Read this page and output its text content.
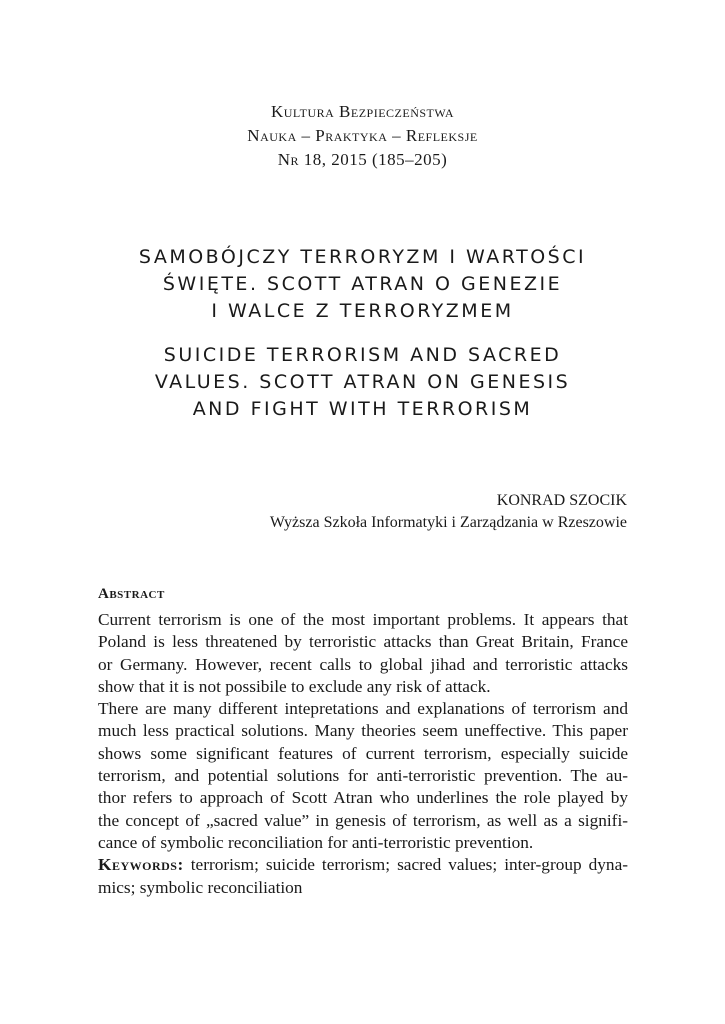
Kultura Bezpieczeństwa
Nauka – Praktyka – Refleksje
Nr 18, 2015 (185–205)
SAMOBÓJCZY TERRORYZM I WARTOŚCI
ŚWIĘTE. SCOTT ATRAN O GENEZIE
I WALCE Z TERRORYZMEM
SUICIDE TERRORISM AND SACRED
VALUES. SCOTT ATRAN ON GENESIS
AND FIGHT WITH TERRORISM
KONRAD SZOCIK
Wyższa Szkoła Informatyki i Zarządzania w Rzeszowie
Abstract
Current terrorism is one of the most important problems. It appears that
Poland is less threatened by terroristic attacks than Great Britain, France
or Germany. However, recent calls to global jihad and terroristic attacks
show that it is not possibile to exclude any risk of attack.
There are many different intepretations and explanations of terrorism and
much less practical solutions. Many theories seem uneffective. This paper
shows some significant features of current terrorism, especially suicide
terrorism, and potential solutions for anti-terroristic prevention. The au-
thor refers to approach of Scott Atran who underlines the role played by
the concept of „sacred value” in genesis of terrorism, as well as a signifi-
cance of symbolic reconciliation for anti-terroristic prevention.
Keywords: terrorism; suicide terrorism; sacred values; inter-group dyna-
mics; symbolic reconciliation
